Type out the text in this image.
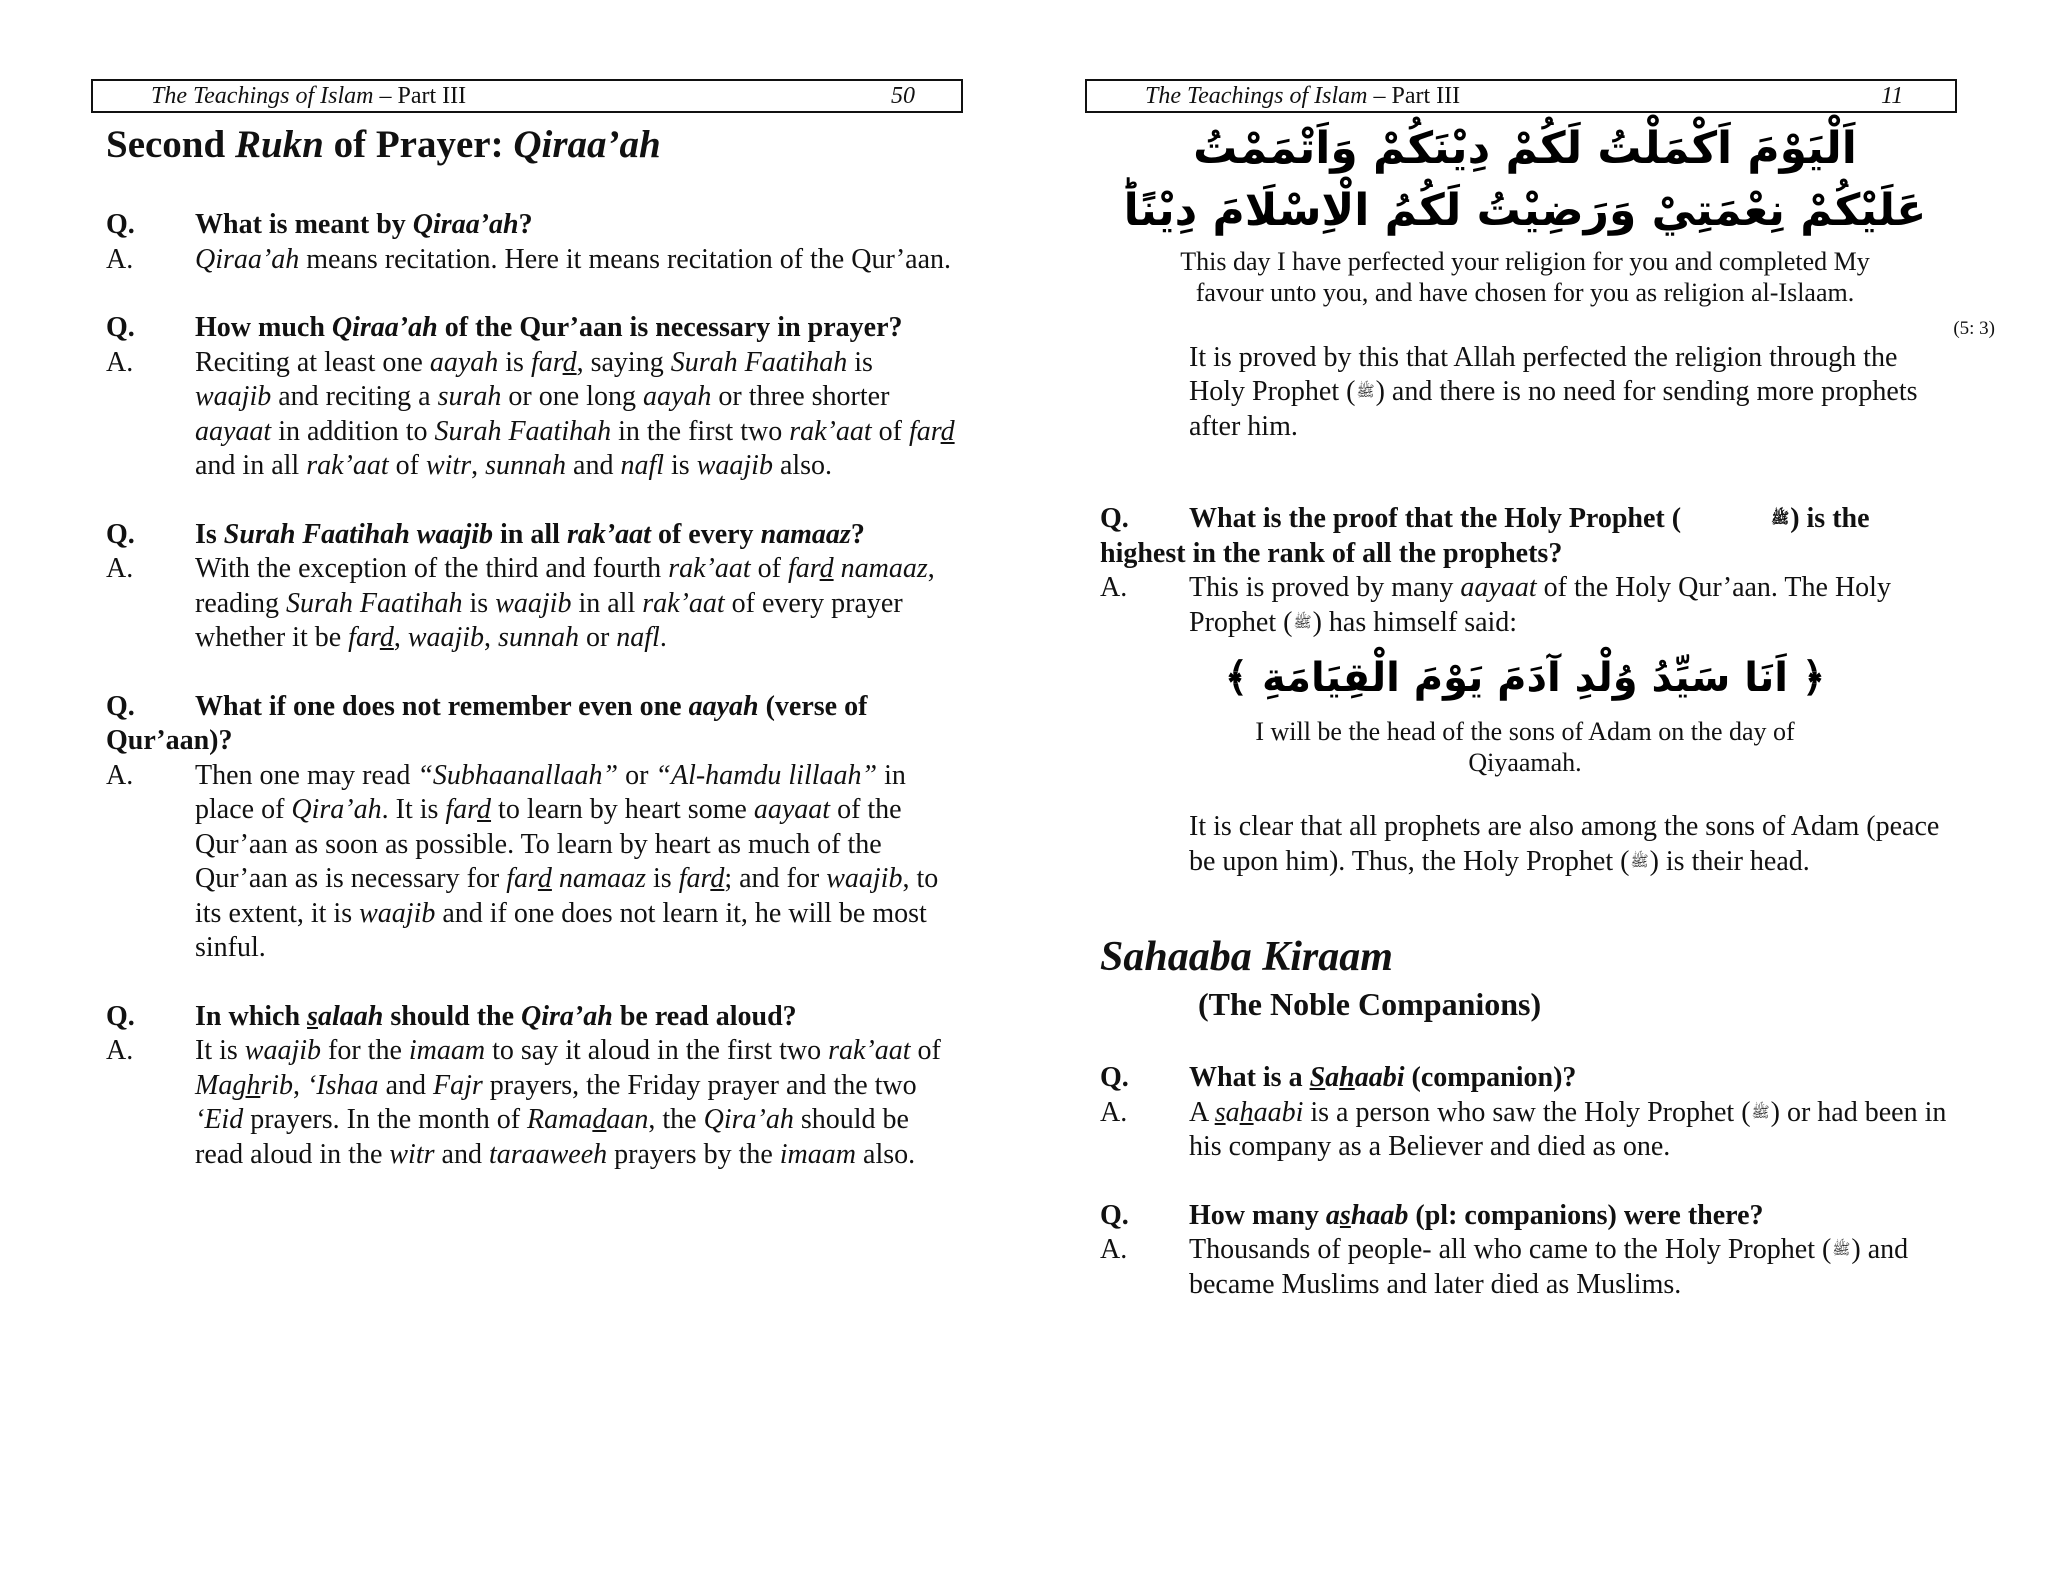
The Teachings of Islam – Part III	50
Second Rukn of Prayer: Qiraa’ah
Q. What is meant by Qiraa’ah?
A. Qiraa’ah means recitation. Here it means recitation of the Qur’aan.
Q. How much Qiraa’ah of the Qur’aan is necessary in prayer?
A. Reciting at least one aayah is fard, saying Surah Faatihah is waajib and reciting a surah or one long aayah or three shorter aayaat in addition to Surah Faatihah in the first two rak’aat of fard and in all rak’aat of witr, sunnah and nafl is waajib also.
Q. Is Surah Faatihah waajib in all rak’aat of every namaaz?
A. With the exception of the third and fourth rak’aat of fard namaaz, reading Surah Faatihah is waajib in all rak’aat of every prayer whether it be fard, waajib, sunnah or nafl.
Q. What if one does not remember even one aayah (verse of Qur’aan)?
A. Then one may read “Subhaanallaah” or “Al-hamdu lillaah” in place of Qira’ah. It is fard to learn by heart some aayaat of the Qur’aan as soon as possible. To learn by heart as much of the Qur’aan as is necessary for fard namaaz is fard; and for waajib, to its extent, it is waajib and if one does not learn it, he will be most sinful.
Q. In which salaah should the Qira’ah be read aloud?
A. It is waajib for the imaam to say it aloud in the first two rak’aat of Maghrib, ‘Ishaa and Fajr prayers, the Friday prayer and the two ‘Eid prayers. In the month of Ramadaan, the Qira’ah should be read aloud in the witr and taraaweeh prayers by the imaam also.
The Teachings of Islam – Part III	11
اَلْيَوْمَ اَكْمَلْتُ لَكُمْ دِيْنَكُمْ وَاَتْمَمْتُ
عَلَيْكُمْ نِعْمَتِيْ وَرَضِيْتُ لَكُمُ الْاِسْلَامَ دِيْنًاؕ
This day I have perfected your religion for you and completed My favour unto you, and have chosen for you as religion al-Islaam.
(5: 3)
It is proved by this that Allah perfected the religion through the Holy Prophet (ﷺ) and there is no need for sending more prophets after him.
Q. What is the proof that the Holy Prophet (	ﷺ) is the highest in the rank of all the prophets?
A. This is proved by many aayaat of the Holy Qur’aan. The Holy Prophet (ﷺ) has himself said:
﴿ اَنَا سَيِّدُ وُلْدِ آدَمَ يَوْمَ الْقِيَامَةِ ﴾
I will be the head of the sons of Adam on the day of Qiyaamah.
It is clear that all prophets are also among the sons of Adam (peace be upon him). Thus, the Holy Prophet (ﷺ) is their head.
Sahaaba Kiraam
(The Noble Companions)
Q. What is a Sahaabi (companion)?
A. A sahaabi is a person who saw the Holy Prophet (ﷺ) or had been in his company as a Believer and died as one.
Q. How many ashaab (pl: companions) were there?
A. Thousands of people- all who came to the Holy Prophet (ﷺ) and became Muslims and later died as Muslims.
